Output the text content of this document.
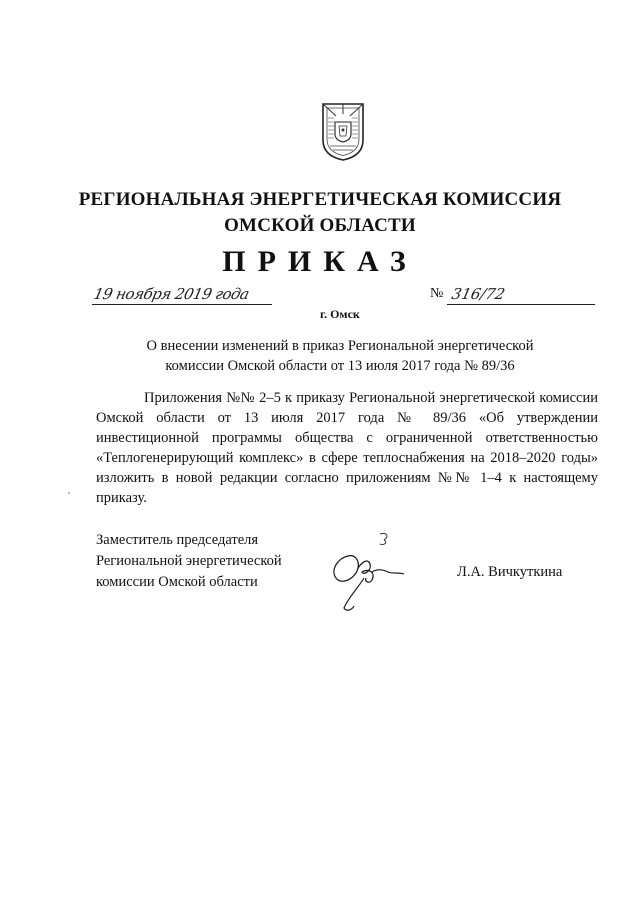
РЕГИОНАЛЬНАЯ ЭНЕРГЕТИЧЕСКАЯ КОМИССИЯ
ОМСКОЙ ОБЛАСТИ
ПРИКАЗ
19 ноября 2019 года
г. Омск
№ 316/72
О внесении изменений в приказ Региональной энергетической
комиссии Омской области от 13 июля 2017 года № 89/36

Приложения №№ 2–5 к приказу Региональной энергетической комиссии Омской области от 13 июля 2017 года № 89/36 «Об утверждении инвестиционной программы общества с ограниченной ответственностью «Теплогенерирующий комплекс» в сфере теплоснабжения на 2018–2020 годы» изложить в новой редакции согласно приложениям №№ 1–4 к настоящему приказу.

Заместитель председателя
Региональной энергетической
комиссии Омской области
Л.А. Вичкуткина
